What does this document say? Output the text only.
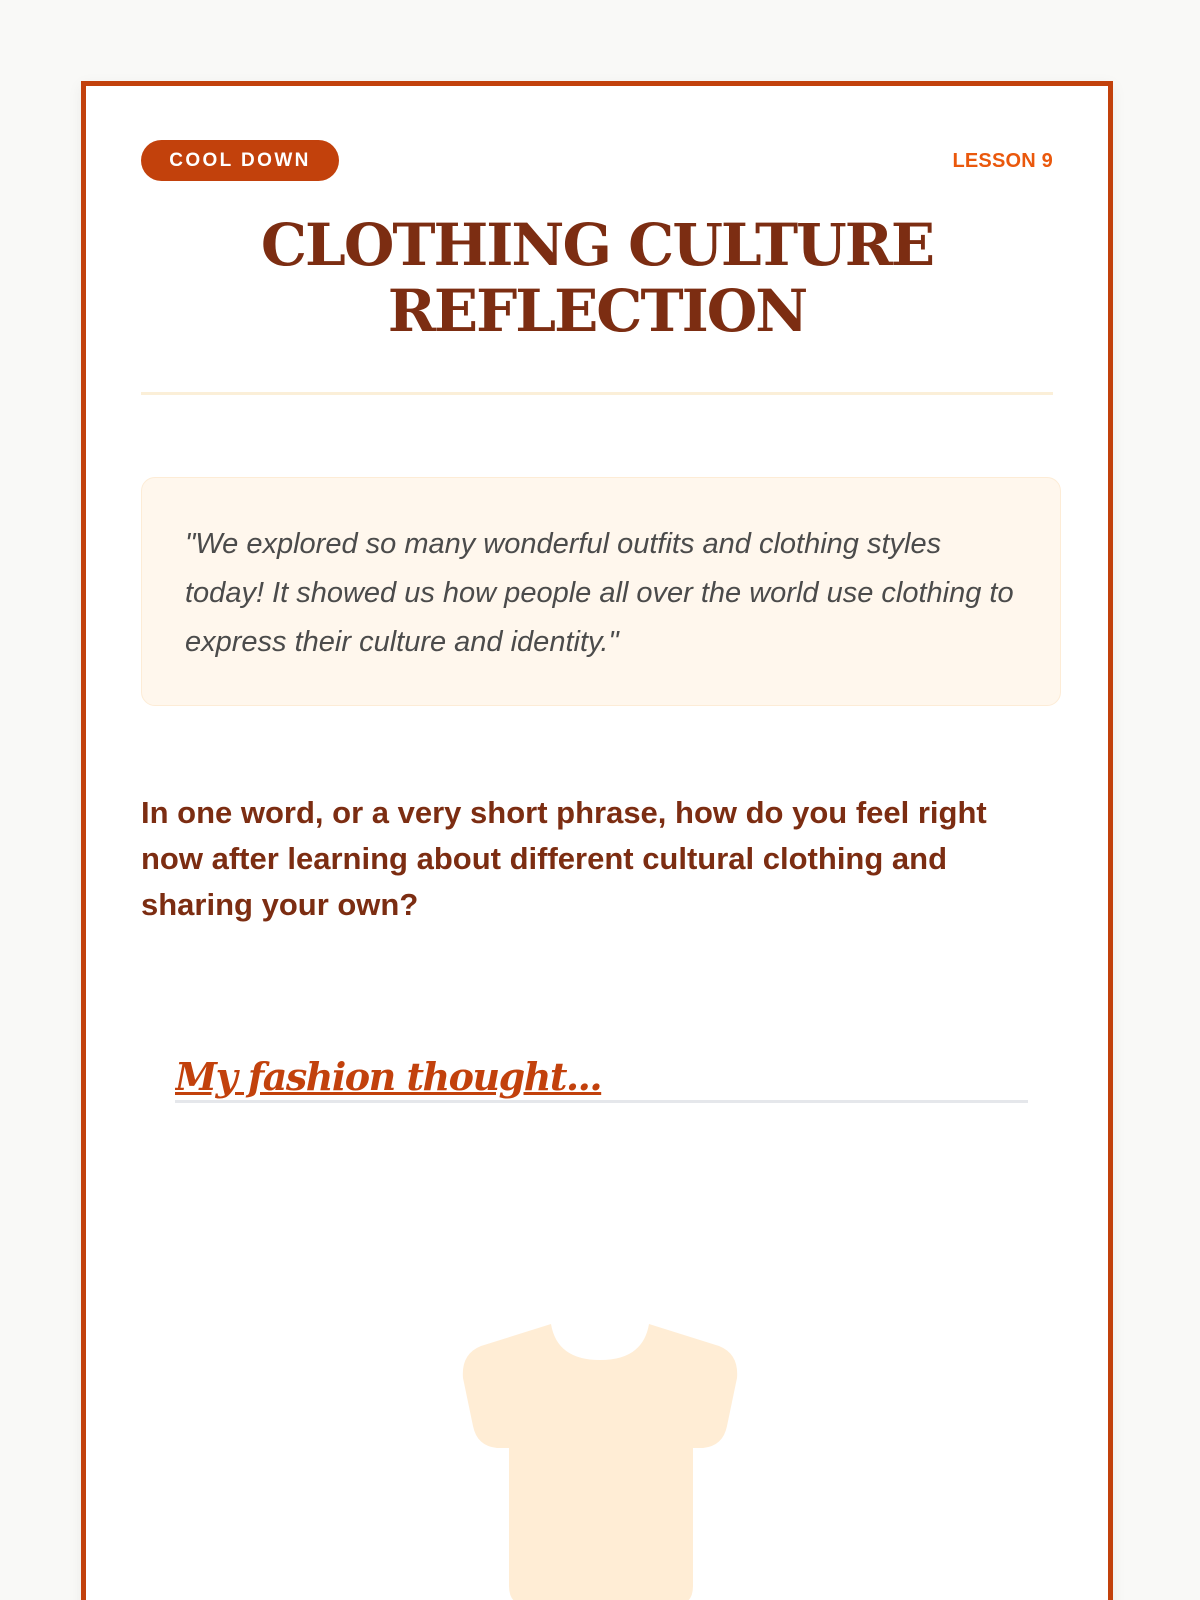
COOL DOWN	LESSON 9
CLOTHING CULTURE
REFLECTION
"We explored so many wonderful outfits and clothing styles today! It showed us how people all over the world use clothing to express their culture and identity."

In one word, or a very short phrase, how do you feel right now after learning about different cultural clothing and sharing your own?

My fashion thought...
